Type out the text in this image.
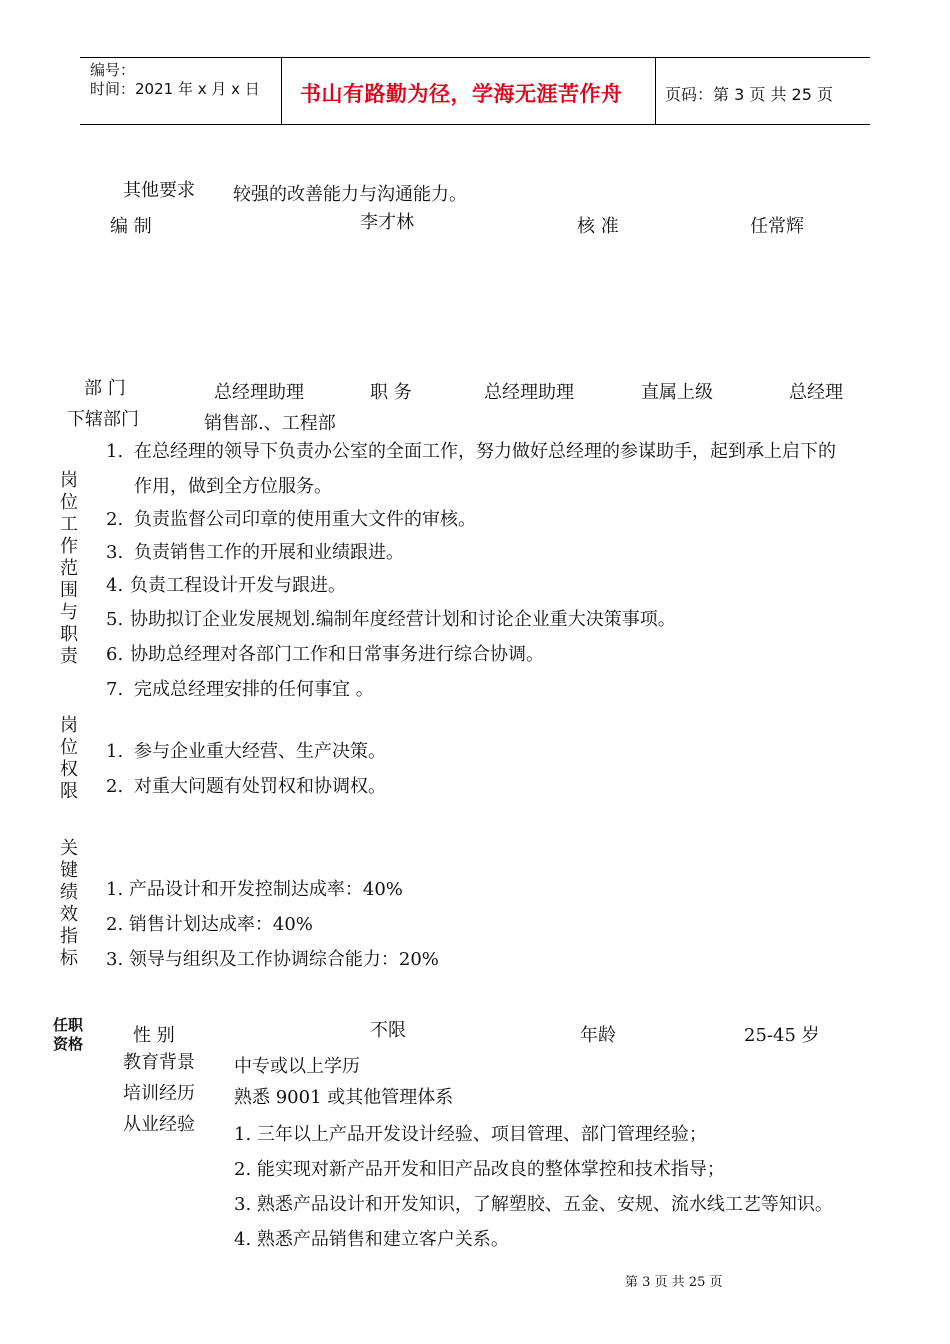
编号：
时间：2021 年 x 月 x 日 书山有路勤为径，学海无涯苦作舟	页码：第 3 页 共 25 页
其他要求 较强的改善能力与沟通能力。
编 制	李才林	核 准	任常辉
部 门	总经理助理	职 务	总经理助理	直属上级	总经理
下辖部门	销售部.、工程部
岗
位
工
作
范
围
与
职
责
1. 在总经理的领导下负责办公室的全面工作，努力做好总经理的参谋助手，起到承上启下的
作用，做到全方位服务。
2. 负责监督公司印章的使用重大文件的审核。
3. 负责销售工作的开展和业绩跟进。
4. 负责工程设计开发与跟进。
5. 协助拟订企业发展规划.编制年度经营计划和讨论企业重大决策事项。
6. 协助总经理对各部门工作和日常事务进行综合协调。
7. 完成总经理安排的任何事宜 。
岗
位
权
限
1. 参与企业重大经营、生产决策。
2. 对重大问题有处罚权和协调权。
关
键
绩
效
指
标
1. 产品设计和开发控制达成率：40%
2. 销售计划达成率：40%
3. 领导与组织及工作协调综合能力：20%
任职
资格	性 别	不限	年龄	25-45 岁
教育背景 中专或以上学历
培训经历 熟悉 9001 或其他管理体系
从业经验 1. 三年以上产品开发设计经验、项目管理、部门管理经验；
2. 能实现对新产品开发和旧产品改良的整体掌控和技术指导；
3. 熟悉产品设计和开发知识，了解塑胶、五金、安规、流水线工艺等知识。
4. 熟悉产品销售和建立客户关系。
第 3 页 共 25 页
